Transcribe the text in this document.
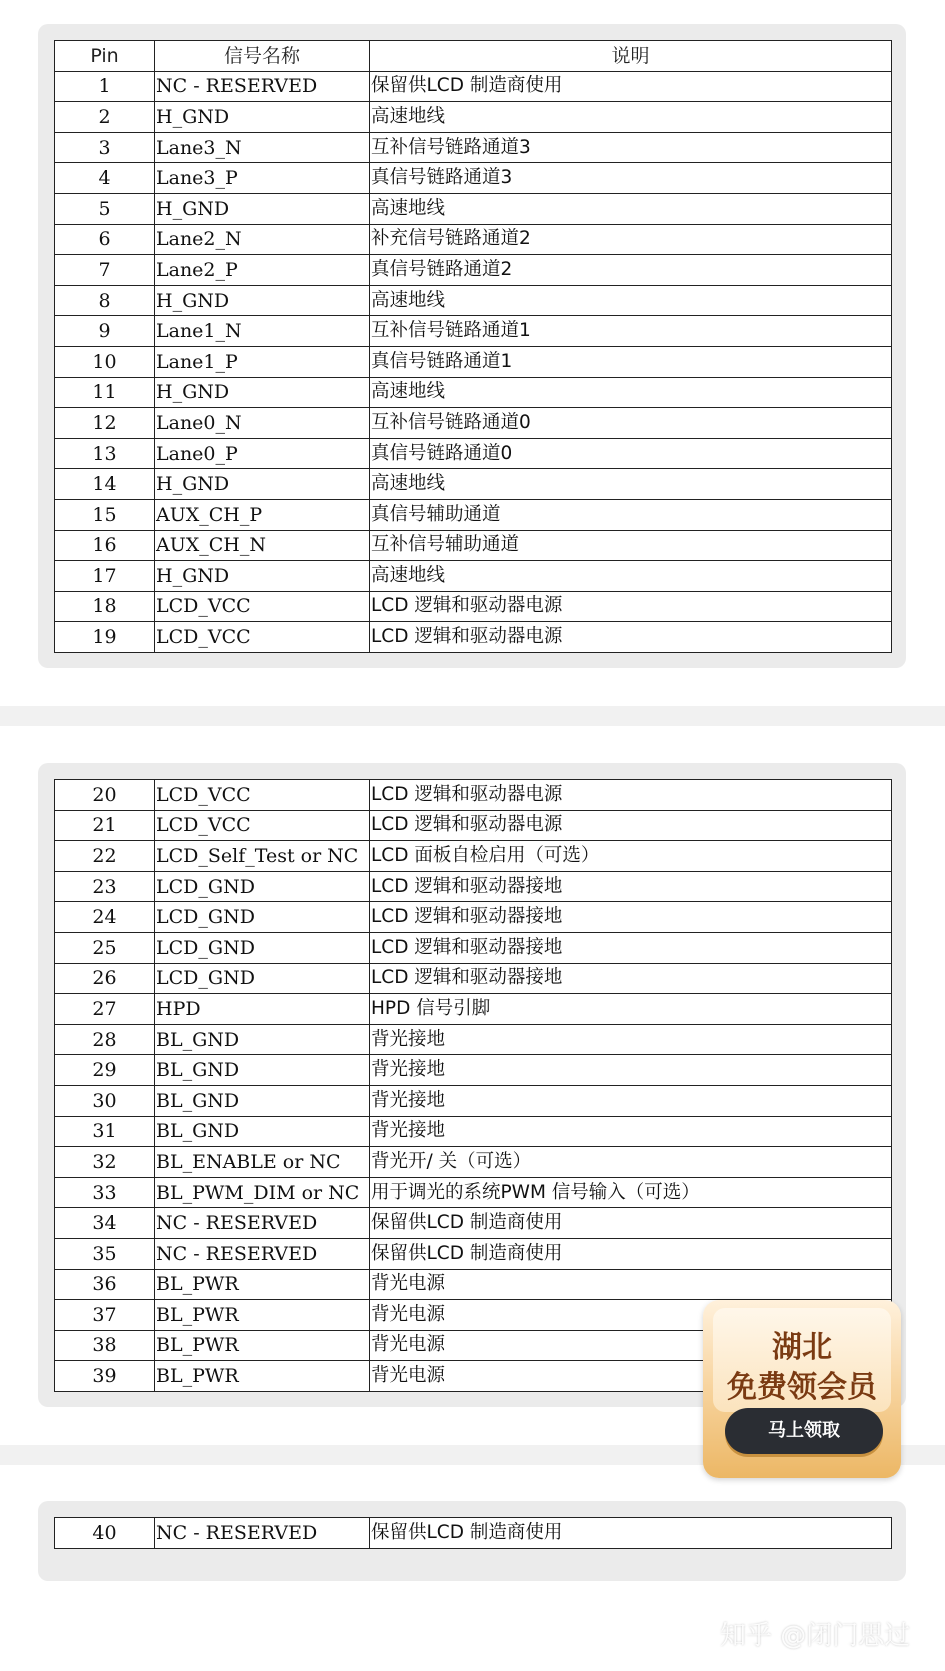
Pin	信号名称	说明
1	NC - RESERVED	保留供LCD 制造商使用
2	H_GND	高速地线
3	Lane3_N	互补信号链路通道3
4	Lane3_P	真信号链路通道3
5	H_GND	高速地线
6	Lane2_N	补充信号链路通道2
7	Lane2_P	真信号链路通道2
8	H_GND	高速地线
9	Lane1_N	互补信号链路通道1
10	Lane1_P	真信号链路通道1
11	H_GND	高速地线
12	Lane0_N	互补信号链路通道0
13	Lane0_P	真信号链路通道0
14	H_GND	高速地线
15	AUX_CH_P	真信号辅助通道
16	AUX_CH_N	互补信号辅助通道
17	H_GND	高速地线
18	LCD_VCC	LCD 逻辑和驱动器电源
19	LCD_VCC	LCD 逻辑和驱动器电源
20	LCD_VCC	LCD 逻辑和驱动器电源
21	LCD_VCC	LCD 逻辑和驱动器电源
22	LCD_Self_Test or NC	LCD 面板自检启用（可选）
23	LCD_GND	LCD 逻辑和驱动器接地
24	LCD_GND	LCD 逻辑和驱动器接地
25	LCD_GND	LCD 逻辑和驱动器接地
26	LCD_GND	LCD 逻辑和驱动器接地
27	HPD	HPD 信号引脚
28	BL_GND	背光接地
29	BL_GND	背光接地
30	BL_GND	背光接地
31	BL_GND	背光接地
32	BL_ENABLE or NC	背光开/ 关（可选）
33	BL_PWM_DIM or NC	用于调光的系统PWM 信号输入（可选）
34	NC - RESERVED	保留供LCD 制造商使用
35	NC - RESERVED	保留供LCD 制造商使用
36	BL_PWR	背光电源
37	BL_PWR	背光电源
38	BL_PWR	背光电源
39	BL_PWR	背光电源
40	NC - RESERVED	保留供LCD 制造商使用
湖北
免费领会员
马上领取
知乎 @闭门思过
